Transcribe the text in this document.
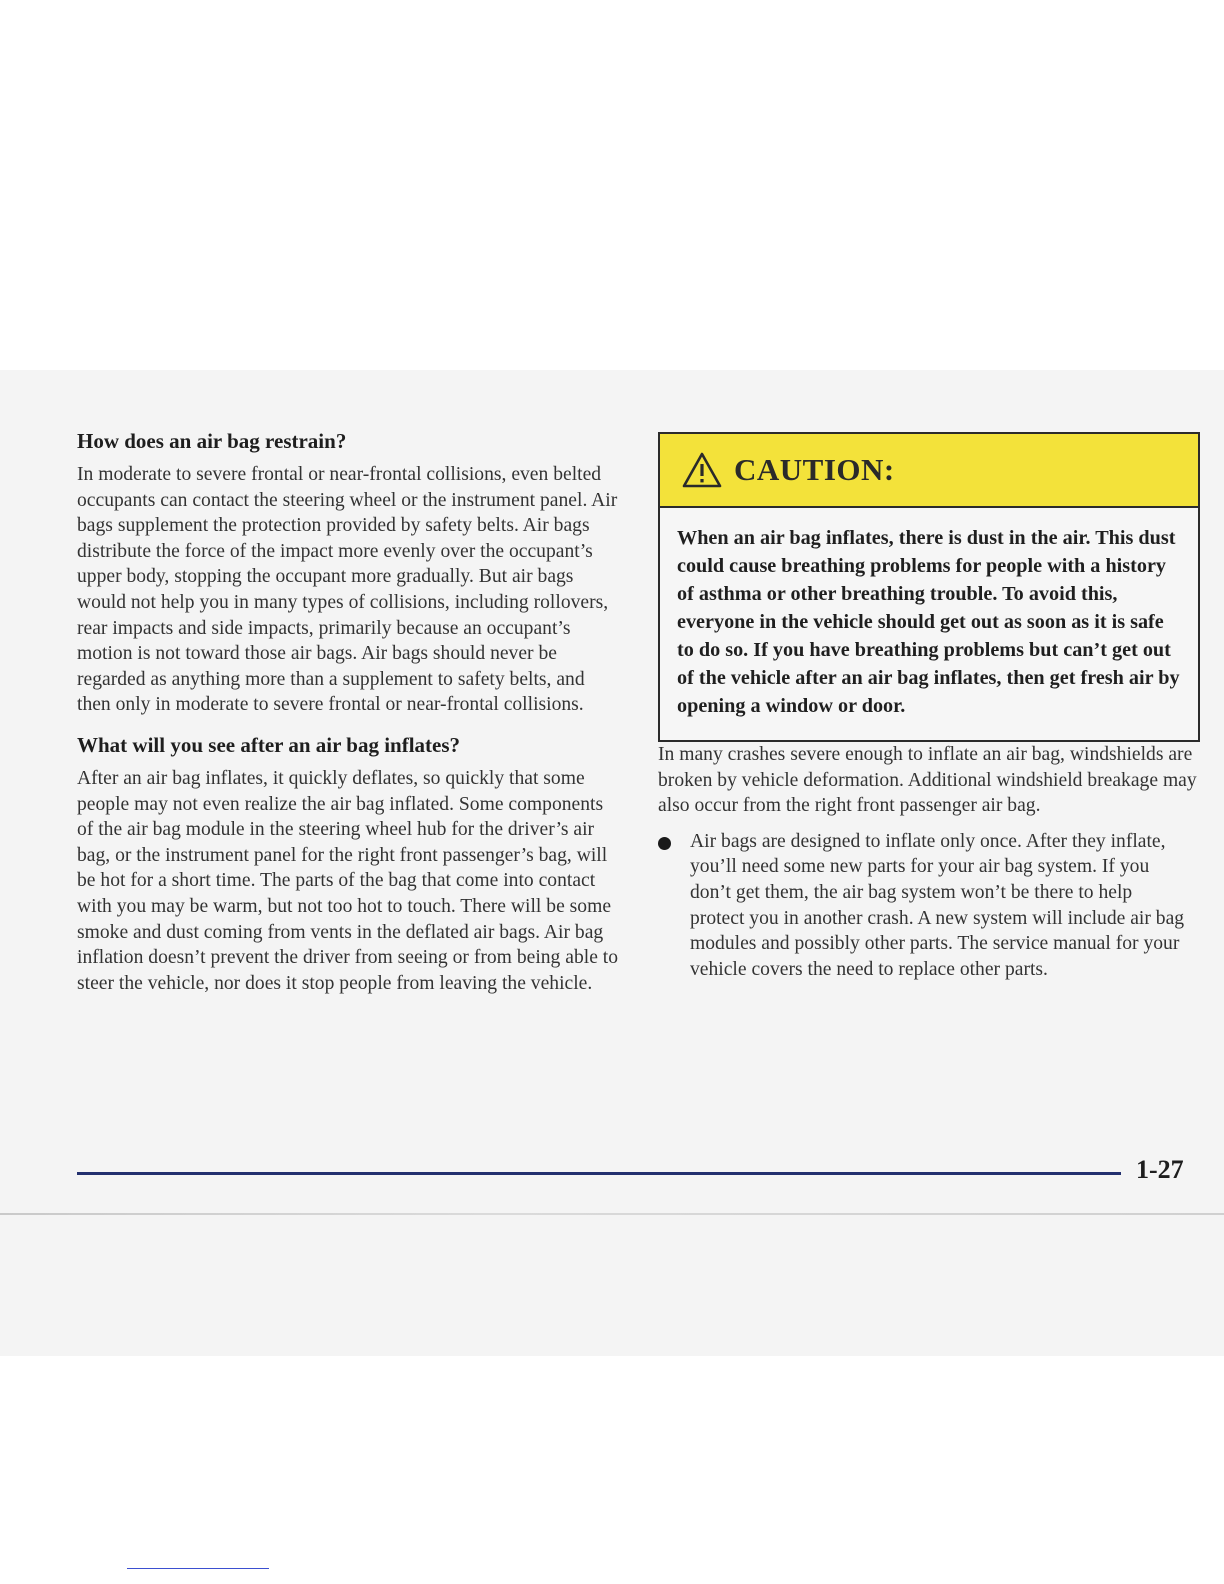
How does an air bag restrain?

In moderate to severe frontal or near-frontal collisions, even belted occupants can contact the steering wheel or the instrument panel. Air bags supplement the protection provided by safety belts. Air bags distribute the force of the impact more evenly over the occupant’s upper body, stopping the occupant more gradually. But air bags would not help you in many types of collisions, including rollovers, rear impacts and side impacts, primarily because an occupant’s motion is not toward those air bags. Air bags should never be regarded as anything more than a supplement to safety belts, and then only in moderate to severe frontal or near-frontal collisions.

What will you see after an air bag inflates?

After an air bag inflates, it quickly deflates, so quickly that some people may not even realize the air bag inflated. Some components of the air bag module in the steering wheel hub for the driver’s air bag, or the instrument panel for the right front passenger’s bag, will be hot for a short time. The parts of the bag that come into contact with you may be warm, but not too hot to touch. There will be some smoke and dust coming from vents in the deflated air bags. Air bag inflation doesn’t prevent the driver from seeing or from being able to steer the vehicle, nor does it stop people from leaving the vehicle.

CAUTION:

When an air bag inflates, there is dust in the air. This dust could cause breathing problems for people with a history of asthma or other breathing trouble. To avoid this, everyone in the vehicle should get out as soon as it is safe to do so. If you have breathing problems but can’t get out of the vehicle after an air bag inflates, then get fresh air by opening a window or door.

In many crashes severe enough to inflate an air bag, windshields are broken by vehicle deformation. Additional windshield breakage may also occur from the right front passenger air bag.

Air bags are designed to inflate only once. After they inflate, you’ll need some new parts for your air bag system. If you don’t get them, the air bag system won’t be there to help protect you in another crash. A new system will include air bag modules and possibly other parts. The service manual for your vehicle covers the need to replace other parts.

1-27
